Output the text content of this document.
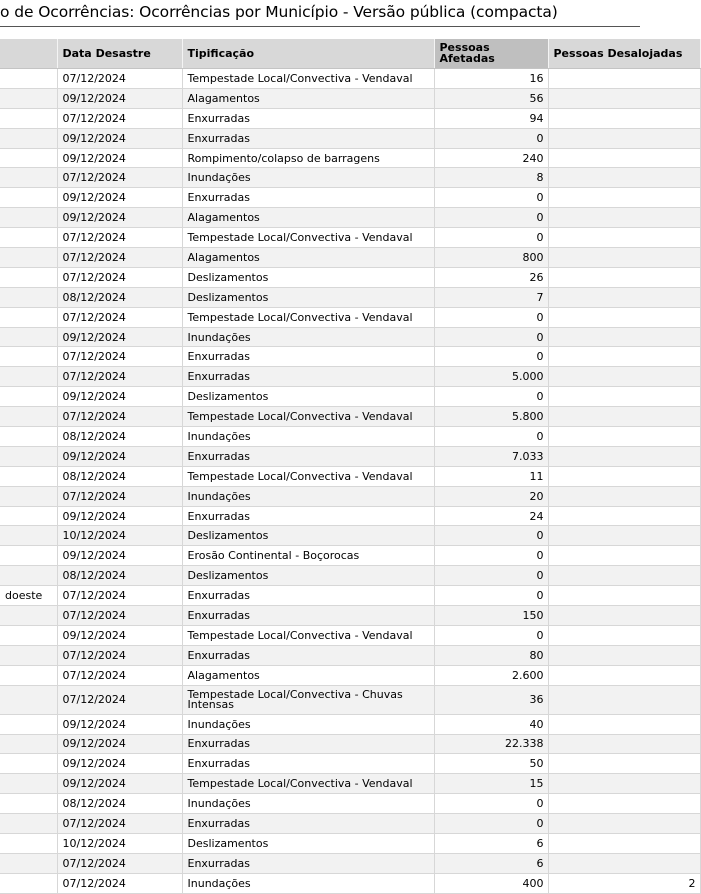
o de Ocorrências: Ocorrências por Município - Versão pública (compacta)
	Data Desastre	Tipificação	Pessoas Afetadas	Pessoas Desalojadas
	07/12/2024	Tempestade Local/Convectiva - Vendaval	16	
	09/12/2024	Alagamentos	56	
	07/12/2024	Enxurradas	94	
	09/12/2024	Enxurradas	0	
	09/12/2024	Rompimento/colapso de barragens	240	
	07/12/2024	Inundações	8	
	09/12/2024	Enxurradas	0	
	09/12/2024	Alagamentos	0	
	07/12/2024	Tempestade Local/Convectiva - Vendaval	0	
	07/12/2024	Alagamentos	800	
	07/12/2024	Deslizamentos	26	
	08/12/2024	Deslizamentos	7	
	07/12/2024	Tempestade Local/Convectiva - Vendaval	0	
	09/12/2024	Inundações	0	
	07/12/2024	Enxurradas	0	
	07/12/2024	Enxurradas	5.000	
	09/12/2024	Deslizamentos	0	
	07/12/2024	Tempestade Local/Convectiva - Vendaval	5.800	
	08/12/2024	Inundações	0	
	09/12/2024	Enxurradas	7.033	
	08/12/2024	Tempestade Local/Convectiva - Vendaval	11	
	07/12/2024	Inundações	20	
	09/12/2024	Enxurradas	24	
	10/12/2024	Deslizamentos	0	
	09/12/2024	Erosão Continental - Boçorocas	0	
	08/12/2024	Deslizamentos	0	
doeste	07/12/2024	Enxurradas	0	
	07/12/2024	Enxurradas	150	
	09/12/2024	Tempestade Local/Convectiva - Vendaval	0	
	07/12/2024	Enxurradas	80	
	07/12/2024	Alagamentos	2.600	
	07/12/2024	Tempestade Local/Convectiva - Chuvas Intensas	36	
	09/12/2024	Inundações	40	
	09/12/2024	Enxurradas	22.338	
	09/12/2024	Enxurradas	50	
	09/12/2024	Tempestade Local/Convectiva - Vendaval	15	
	08/12/2024	Inundações	0	
	07/12/2024	Enxurradas	0	
	10/12/2024	Deslizamentos	6	
	07/12/2024	Enxurradas	6	
	07/12/2024	Inundações	400	2
